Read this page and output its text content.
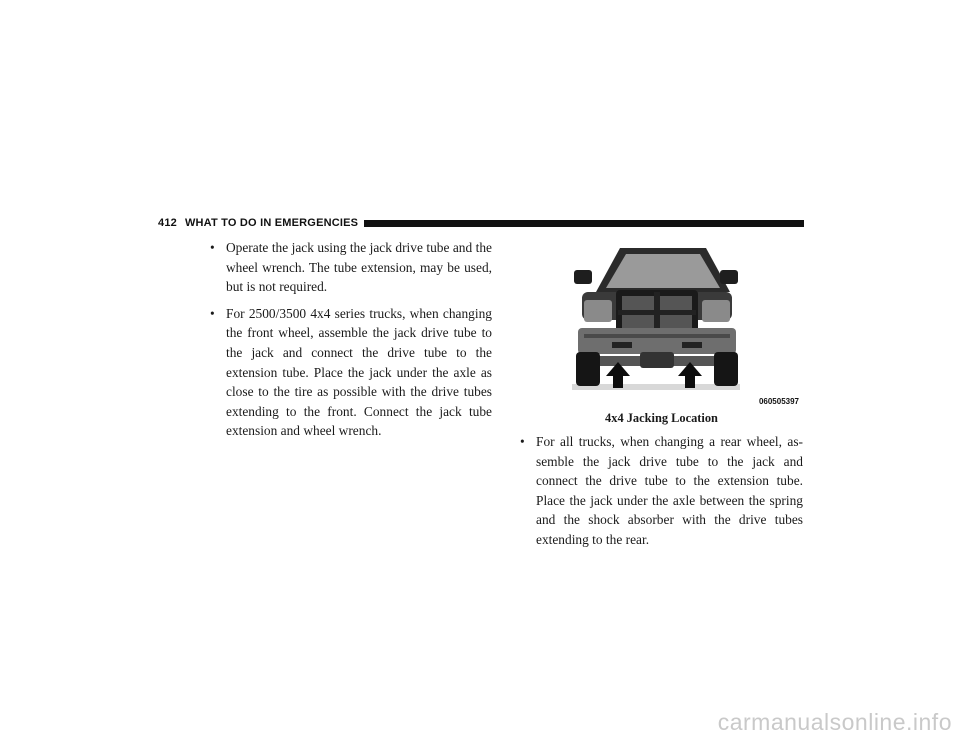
412 WHAT TO DO IN EMERGENCIES
• Operate the jack using the jack drive tube and the wheel wrench. The tube extension, may be used, but is not required.
• For 2500/3500 4x4 series trucks, when changing the front wheel, assemble the jack drive tube to the jack and connect the drive tube to the extension tube. Place the jack under the axle as close to the tire as possible with the drive tubes extending to the front. Connect the jack tube extension and wheel wrench.
060505397
4x4 Jacking Location
• For all trucks, when changing a rear wheel, as- semble the jack drive tube to the jack and connect the drive tube to the extension tube. Place the jack under the axle between the spring and the shock absorber with the drive tubes extending to the rear.
carmanualsonline.info
